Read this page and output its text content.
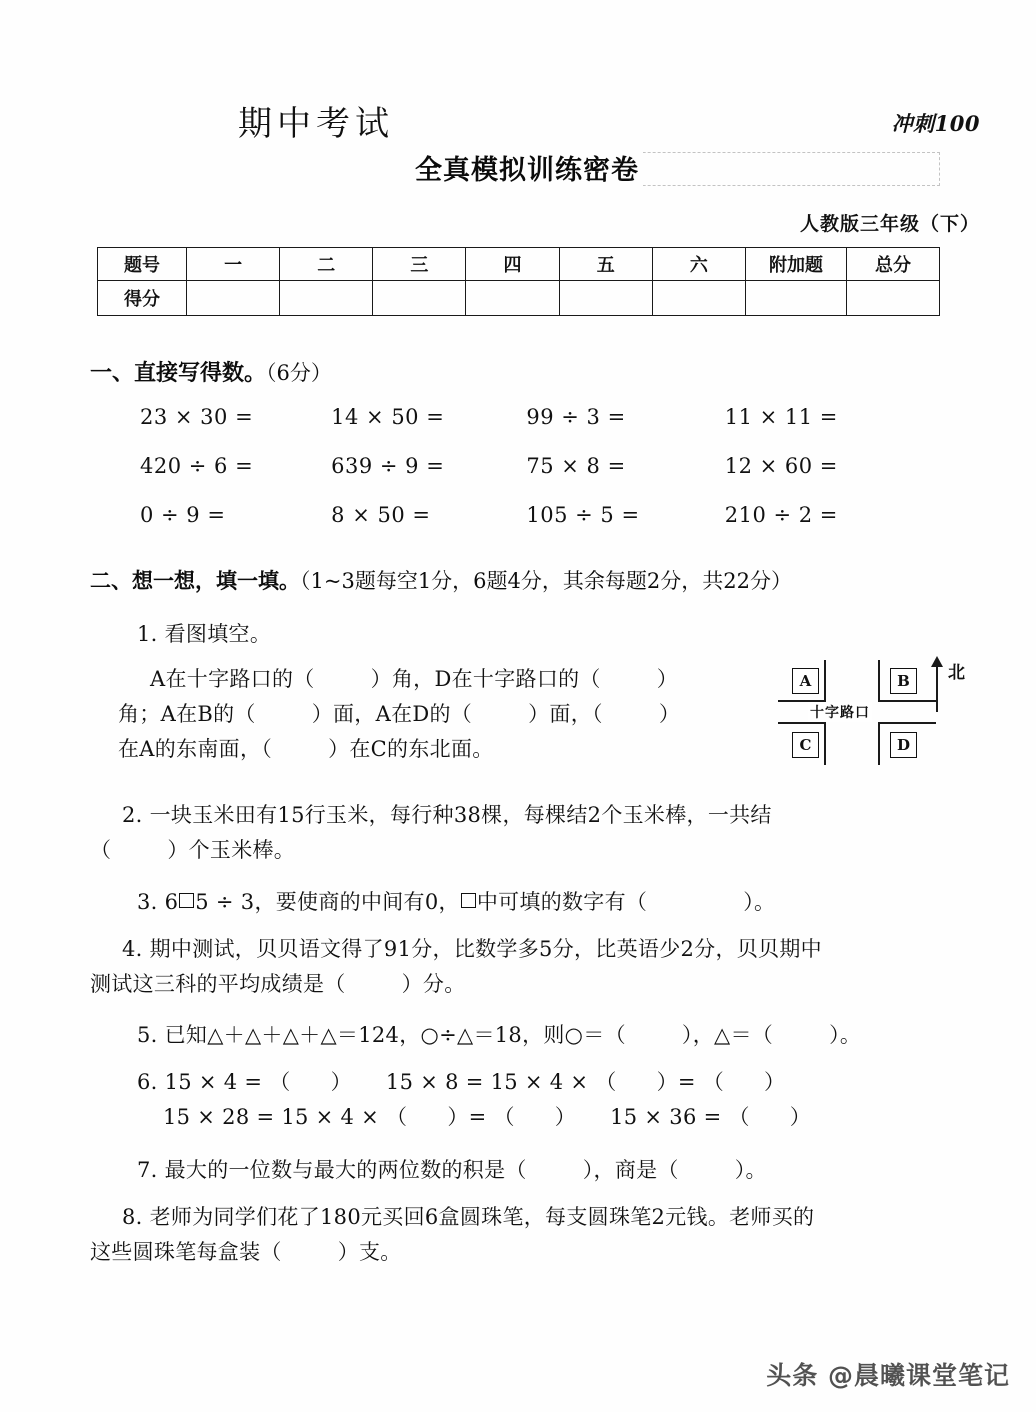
期中考试	冲刺100
全真模拟训练密卷
人教版三年级（下）
题号	一	二	三	四	五	六	附加题	总分
得分								
一、直接写得数。（6分）
23 × 30 =	14 × 50 =	99 ÷ 3 =	11 × 11 =
420 ÷ 6 =	639 ÷ 9 =	75 × 8 =	12 × 60 =
0 ÷ 9 =	8 × 50 =	105 ÷ 5 =	210 ÷ 2 =
二、想一想，填一填。（1~3题每空1分，6题4分，其余每题2分，共22分）
1. 看图填空。
A在十字路口的（	）角，D在十字路口的（	）
角；A在B的（	）面，A在D的（	）面，（	）
在A的东南面，（	）在C的东北面。
A	B
C	D
十字路口
北
2. 一块玉米田有15行玉米，每行种38棵，每棵结2个玉米棒，一共结
（	）个玉米棒。
3. 6 5 ÷ 3，要使商的中间有0， 中可填的数字有（	）。
4. 期中测试，贝贝语文得了91分，比数学多5分，比英语少2分，贝贝期中
测试这三科的平均成绩是（	）分。
5. 已知△＋△＋△＋△＝124，○÷△＝18，则○＝（	），△＝（	）。
6. 15 × 4 = （ ） 15 × 8 = 15 × 4 × （ ）= （ ）
15 × 28 = 15 × 4 × （ ）= （ ） 15 × 36 = （ ）
7. 最大的一位数与最大的两位数的积是（	），商是（	）。
8. 老师为同学们花了180元买回6盒圆珠笔，每支圆珠笔2元钱。老师买的
这些圆珠笔每盒装（	）支。
头条 @晨曦课堂笔记
